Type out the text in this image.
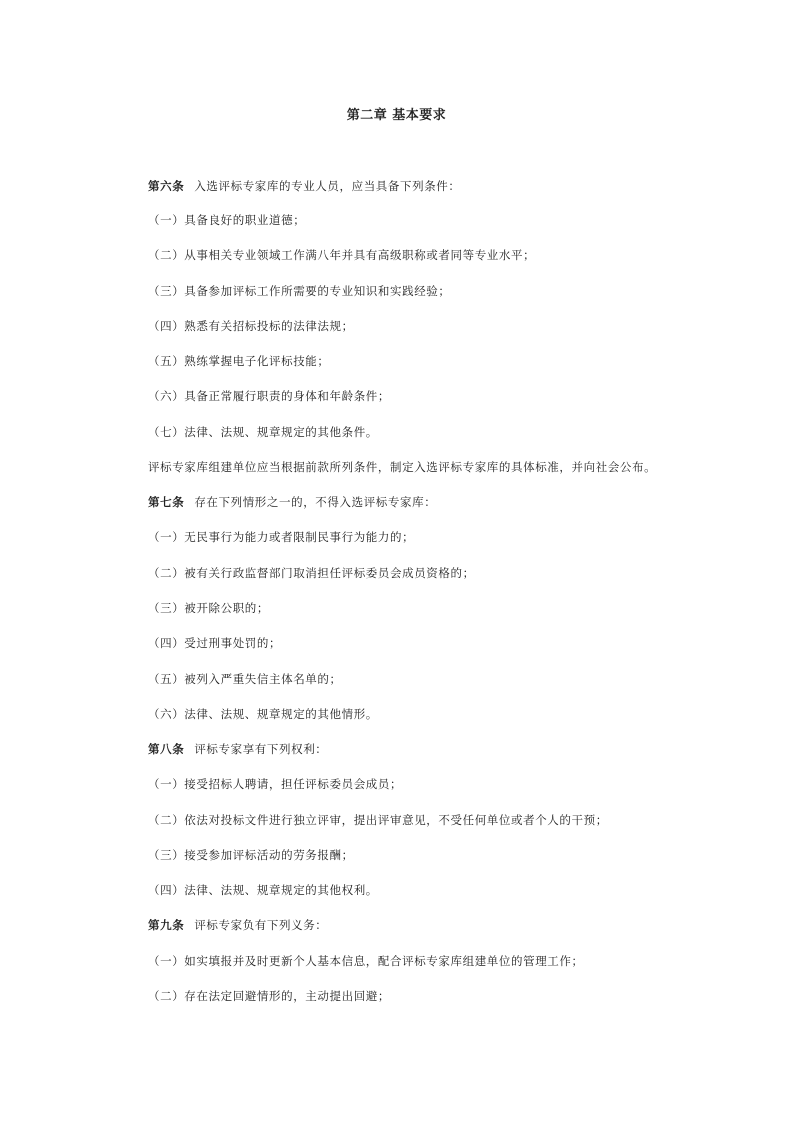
第二章 基本要求
第六条 入选评标专家库的专业人员，应当具备下列条件：
（一）具备良好的职业道德；
（二）从事相关专业领域工作满八年并具有高级职称或者同等专业水平；
（三）具备参加评标工作所需要的专业知识和实践经验；
（四）熟悉有关招标投标的法律法规；
（五）熟练掌握电子化评标技能；
（六）具备正常履行职责的身体和年龄条件；
（七）法律、法规、规章规定的其他条件。
评标专家库组建单位应当根据前款所列条件，制定入选评标专家库的具体标准，并向社会公布。
第七条 存在下列情形之一的，不得入选评标专家库：
（一）无民事行为能力或者限制民事行为能力的；
（二）被有关行政监督部门取消担任评标委员会成员资格的；
（三）被开除公职的；
（四）受过刑事处罚的；
（五）被列入严重失信主体名单的；
（六）法律、法规、规章规定的其他情形。
第八条 评标专家享有下列权利：
（一）接受招标人聘请，担任评标委员会成员；
（二）依法对投标文件进行独立评审，提出评审意见，不受任何单位或者个人的干预；
（三）接受参加评标活动的劳务报酬；
（四）法律、法规、规章规定的其他权利。
第九条 评标专家负有下列义务：
（一）如实填报并及时更新个人基本信息，配合评标专家库组建单位的管理工作；
（二）存在法定回避情形的，主动提出回避；
